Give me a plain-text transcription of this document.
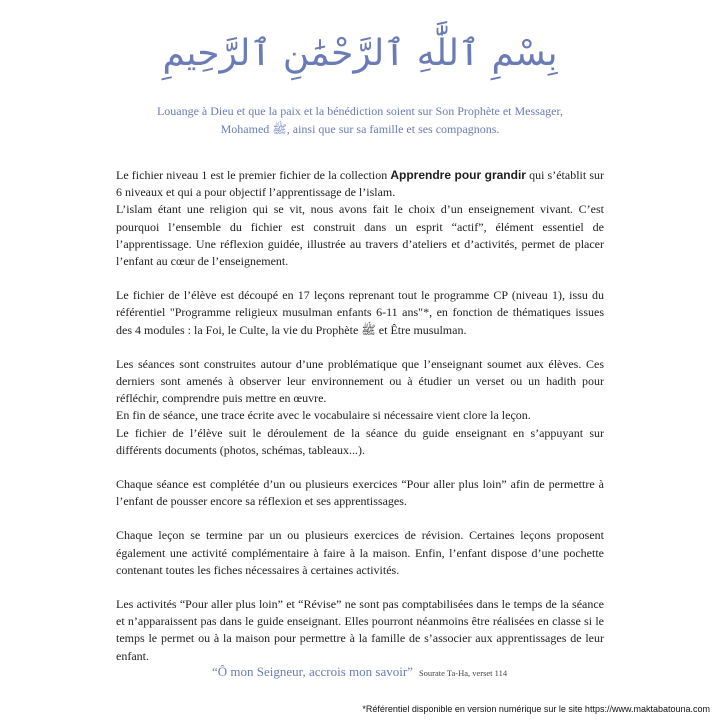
بِسْمِ ٱللَّٰهِ ٱلرَّحْمَٰنِ ٱلرَّحِيمِ
Louange à Dieu et que la paix et la bénédiction soient sur Son Prophète et Messager, Mohamed ﷺ, ainsi que sur sa famille et ses compagnons.

Le fichier niveau 1 est le premier fichier de la collection Apprendre pour grandir qui s’établit sur 6 niveaux et qui a pour objectif l’apprentissage de l’islam.

L’islam étant une religion qui se vit, nous avons fait le choix d’un enseignement vivant. C’est pourquoi l’ensemble du fichier est construit dans un esprit “actif”, élément essentiel de l’apprentissage. Une réflexion guidée, illustrée au travers d’ateliers et d’activités, permet de placer l’enfant au cœur de l’enseignement.

Le fichier de l’élève est découpé en 17 leçons reprenant tout le programme CP (niveau 1), issu du référentiel "Programme religieux musulman enfants 6-11 ans"*, en fonction de thématiques issues des 4 modules : la Foi, le Culte, la vie du Prophète ﷺ et Être musulman.

Les séances sont construites autour d’une problématique que l’enseignant soumet aux élèves. Ces derniers sont amenés à observer leur environnement ou à étudier un verset ou un hadith pour réfléchir, comprendre puis mettre en œuvre.

En fin de séance, une trace écrite avec le vocabulaire si nécessaire vient clore la leçon.

Le fichier de l’élève suit le déroulement de la séance du guide enseignant en s’appuyant sur différents documents (photos, schémas, tableaux...).

Chaque séance est complétée d’un ou plusieurs exercices “Pour aller plus loin” afin de permettre à l’enfant de pousser encore sa réflexion et ses apprentissages.

Chaque leçon se termine par un ou plusieurs exercices de révision. Certaines leçons proposent également une activité complémentaire à faire à la maison. Enfin, l’enfant dispose d’une pochette contenant toutes les fiches nécessaires à certaines activités.

Les activités “Pour aller plus loin” et “Révise” ne sont pas comptabilisées dans le temps de la séance et n’apparaissent pas dans le guide enseignant. Elles pourront néanmoins être réalisées en classe si le temps le permet ou à la maison pour permettre à la famille de s’associer aux apprentissages de leur enfant.

“Ô mon Seigneur, accrois mon savoir” Sourate Ta-Ha, verset 114
*Référentiel disponible en version numérique sur le site https://www.maktabatouna.com
